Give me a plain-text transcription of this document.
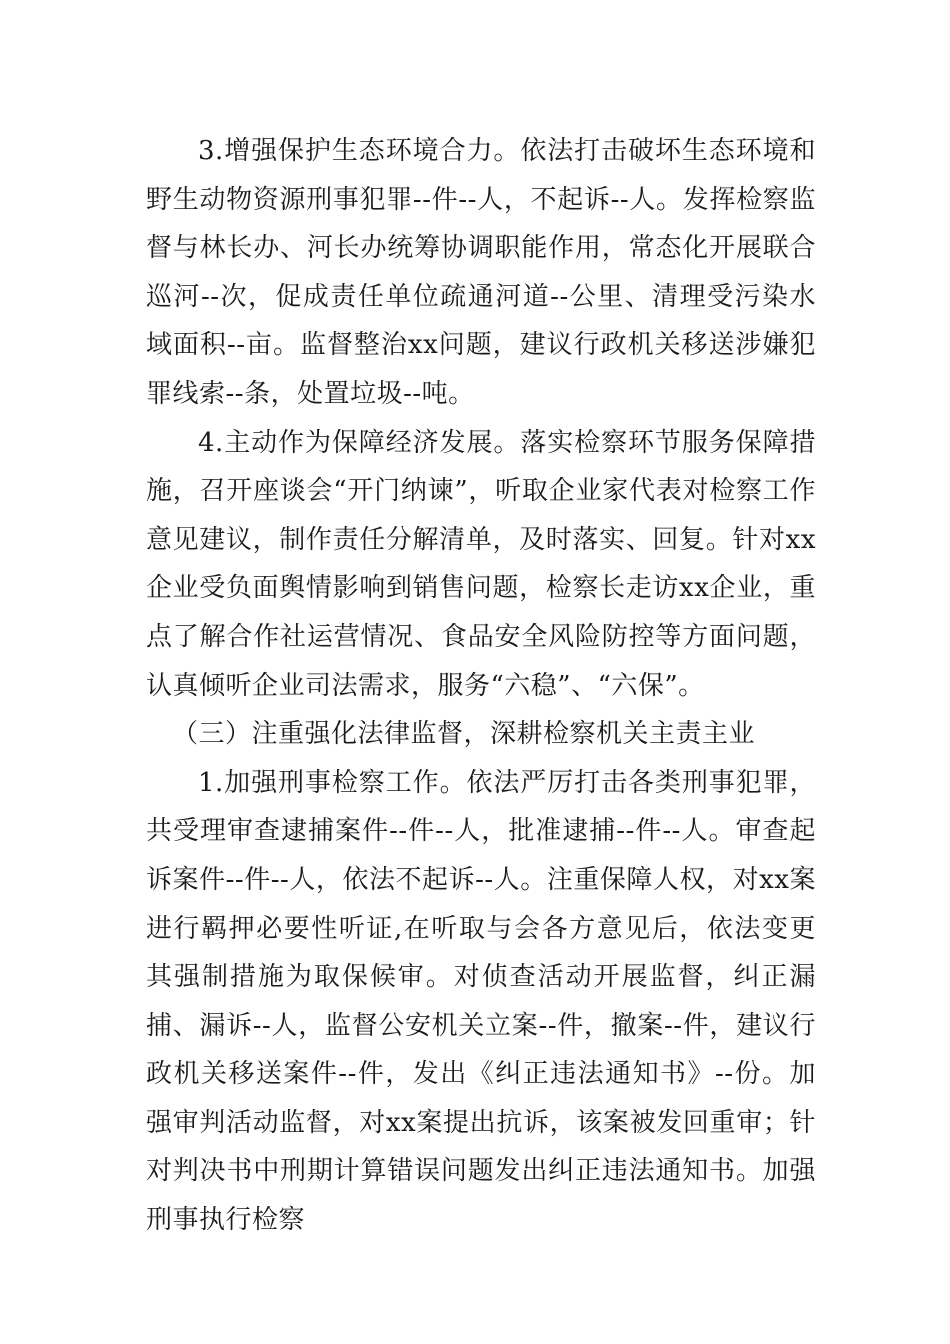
3.增强保护生态环境合力。依法打击破坏生态环境和野生动物资源刑事犯罪--件--人，不起诉--人。发挥检察监督与林长办、河长办统筹协调职能作用，常态化开展联合巡河--次，促成责任单位疏通河道--公里、清理受污染水域面积--亩。监督整治xx问题，建议行政机关移送涉嫌犯罪线索--条，处置垃圾--吨。

4.主动作为保障经济发展。落实检察环节服务保障措施，召开座谈会“开门纳谏”，听取企业家代表对检察工作意见建议，制作责任分解清单，及时落实、回复。针对xx企业受负面舆情影响到销售问题，检察长走访xx企业，重点了解合作社运营情况、食品安全风险防控等方面问题，认真倾听企业司法需求，服务“六稳”、“六保”。

（三）注重强化法律监督，深耕检察机关主责主业

1.加强刑事检察工作。依法严厉打击各类刑事犯罪，共受理审查逮捕案件--件--人，批准逮捕--件--人。审查起诉案件--件--人，依法不起诉--人。注重保障人权，对xx案进行羁押必要性听证,在听取与会各方意见后，依法变更其强制措施为取保候审。对侦查活动开展监督，纠正漏捕、漏诉--人，监督公安机关立案--件，撤案--件，建议行政机关移送案件--件，发出《纠正违法通知书》--份。加强审判活动监督，对xx案提出抗诉，该案被发回重审；针对判决书中刑期计算错误问题发出纠正违法通知书。加强刑事执行检察
